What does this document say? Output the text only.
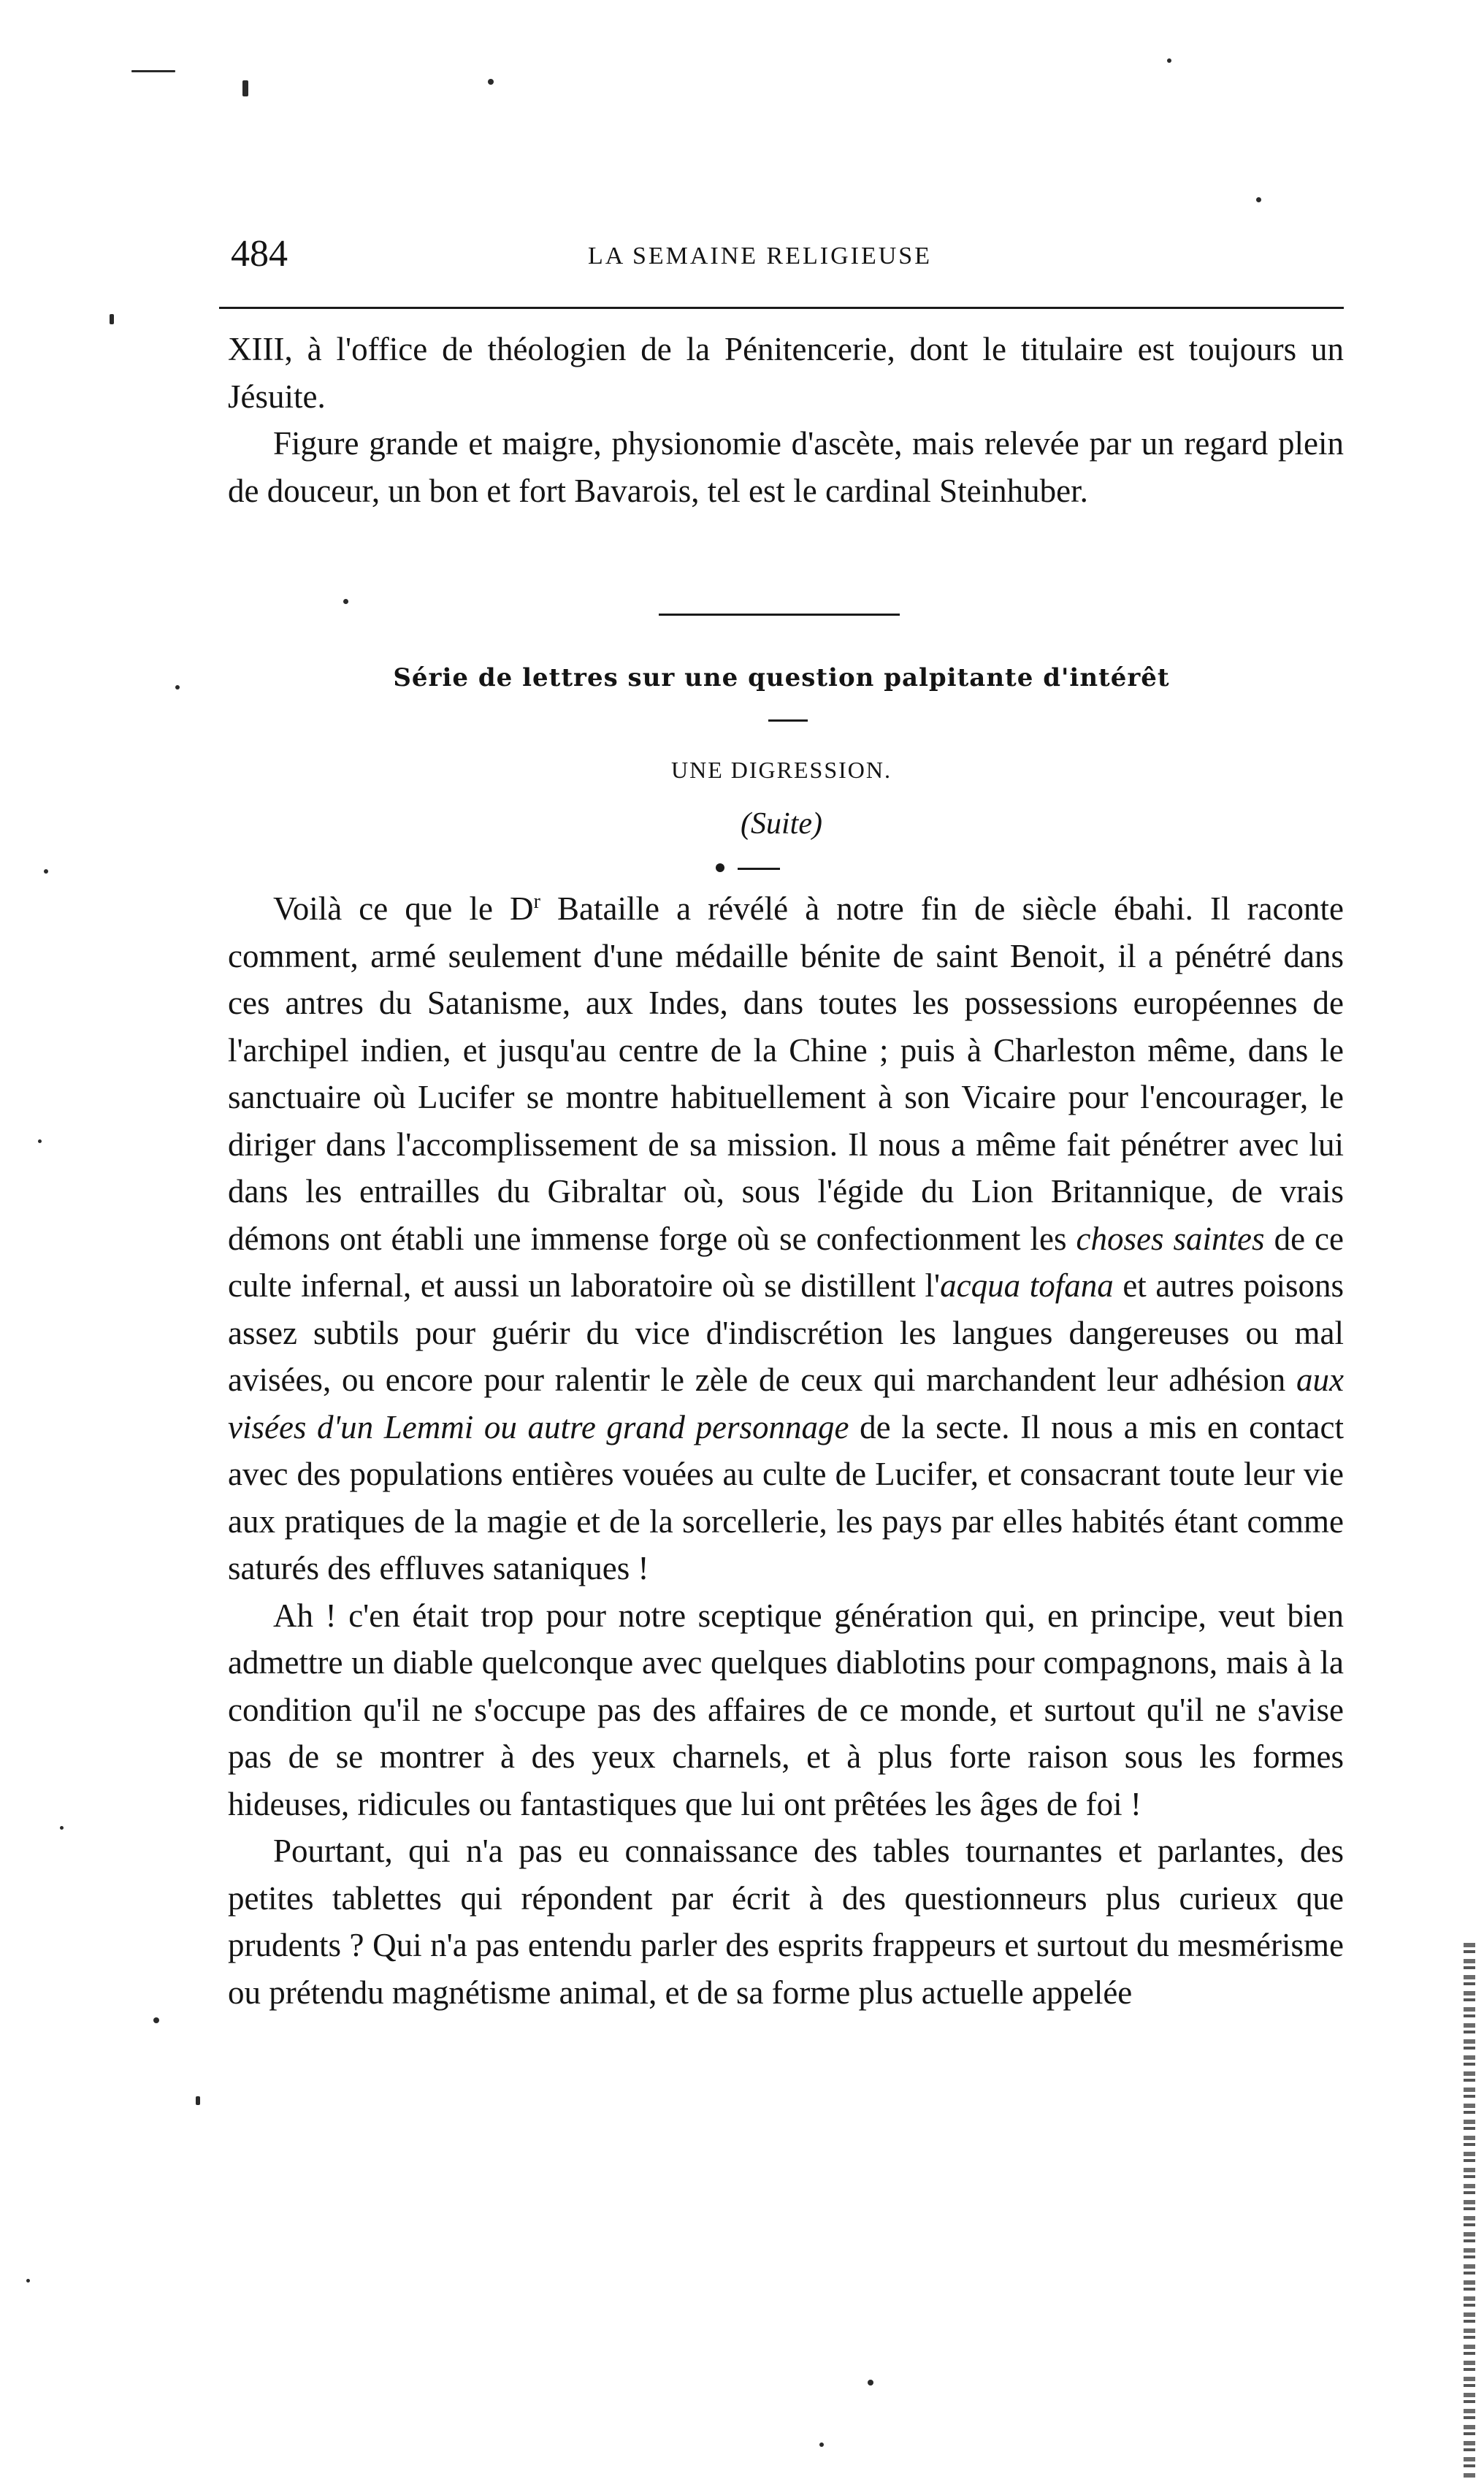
484	LA SEMAINE RELIGIEUSE

XIII, à l'office de théologien de la Pénitencerie, dont le titulaire est toujours un Jésuite.

Figure grande et maigre, physionomie d'ascète, mais relevée par un regard plein de douceur, un bon et fort Bavarois, tel est le cardinal Steinhuber.

Série de lettres sur une question palpitante d'intérêt
UNE DIGRESSION.
(Suite)

Voilà ce que le $D^r$ Bataille a révélé à notre fin de siècle ébahi. Il raconte comment, armé seulement d'une médaille bénite de saint Benoit, il a pénétré dans ces antres du Satanisme, aux Indes, dans toutes les possessions européennes de l'archipel indien, et jusqu'au centre de la Chine ; puis à Charleston même, dans le sanctuaire où Lucifer se montre habituellement à son Vicaire pour l'encourager, le diriger dans l'accomplissement de sa mission. Il nous a même fait pénétrer avec lui dans les entrailles du Gibraltar où, sous l'égide du Lion Britannique, de vrais démons ont établi une immense forge où se confectionment les choses saintes de ce culte infernal, et aussi un laboratoire où se distillent l'acqua tofana et autres poisons assez subtils pour guérir du vice d'indiscrétion les langues dangereuses ou mal avisées, ou encore pour ralentir le zèle de ceux qui marchandent leur adhésion aux visées d'un Lemmi ou autre grand personnage de la secte. Il nous a mis en contact avec des populations entières vouées au culte de Lucifer, et consacrant toute leur vie aux pratiques de la magie et de la sorcellerie, les pays par elles habités étant comme saturés des effluves sataniques !

Ah ! c'en était trop pour notre sceptique génération qui, en principe, veut bien admettre un diable quelconque avec quelques diablotins pour compagnons, mais à la condition qu'il ne s'occupe pas des affaires de ce monde, et surtout qu'il ne s'avise pas de se montrer à des yeux charnels, et à plus forte raison sous les formes hideuses, ridicules ou fantastiques que lui ont prêtées les âges de foi !

Pourtant, qui n'a pas eu connaissance des tables tournantes et parlantes, des petites tablettes qui répondent par écrit à des questionneurs plus curieux que prudents ? Qui n'a pas entendu parler des esprits frappeurs et surtout du mesmérisme ou prétendu magnétisme animal, et de sa forme plus actuelle appelée
